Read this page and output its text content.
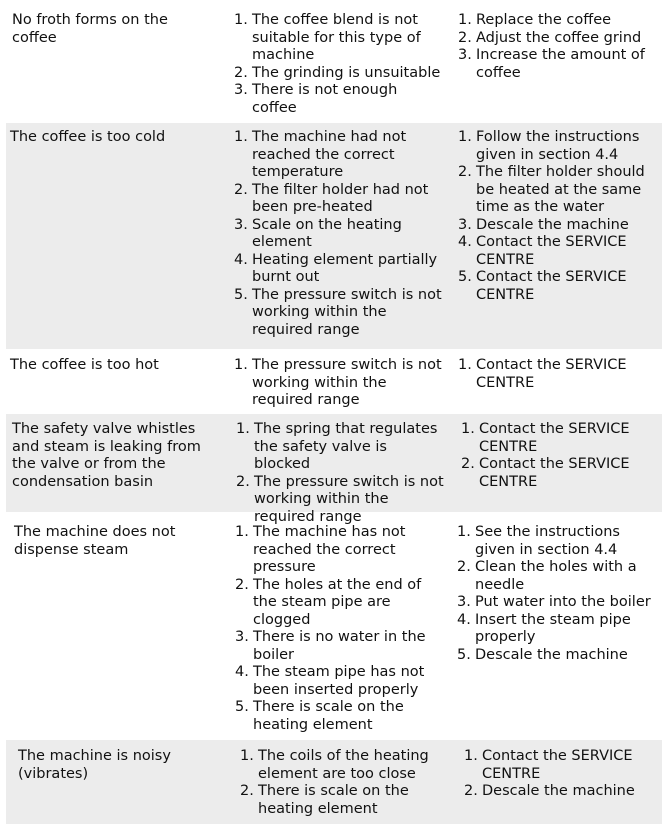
No froth forms on the coffee
1. The coffee blend is not suitable for this type of machine
2. The grinding is unsuitable
3. There is not enough coffee
1. Replace the coffee
2. Adjust the coffee grind
3. Increase the amount of coffee
The coffee is too cold	1. The machine had not reached the correct temperature
2. The filter holder had not been pre-heated
3. Scale on the heating element
4. Heating element partially burnt out
5. The pressure switch is not working within the required range
1. Follow the instructions given in section 4.4
2. The filter holder should be heated at the same time as the water
3. Descale the machine
4. Contact the SERVICE CENTRE
5. Contact the SERVICE CENTRE
The coffee is too hot	1. The pressure switch is not working within the required range
1. Contact the SERVICE CENTRE
The safety valve whistles and steam is leaking from the valve or from the condensation basin
1. The spring that regulates the safety valve is blocked
2. The pressure switch is not working within the required range
1. Contact the SERVICE CENTRE
2. Contact the SERVICE CENTRE
The machine does not dispense steam
1. The machine has not reached the correct pressure
2. The holes at the end of the steam pipe are clogged
3. There is no water in the boiler
4. The steam pipe has not been inserted properly
5. There is scale on the heating element
1. See the instructions given in section 4.4
2. Clean the holes with a needle
3. Put water into the boiler
4. Insert the steam pipe properly
5. Descale the machine
The machine is noisy (vibrates)
1. The coils of the heating element are too close
2. There is scale on the heating element
1. Contact the SERVICE CENTRE
2. Descale the machine
